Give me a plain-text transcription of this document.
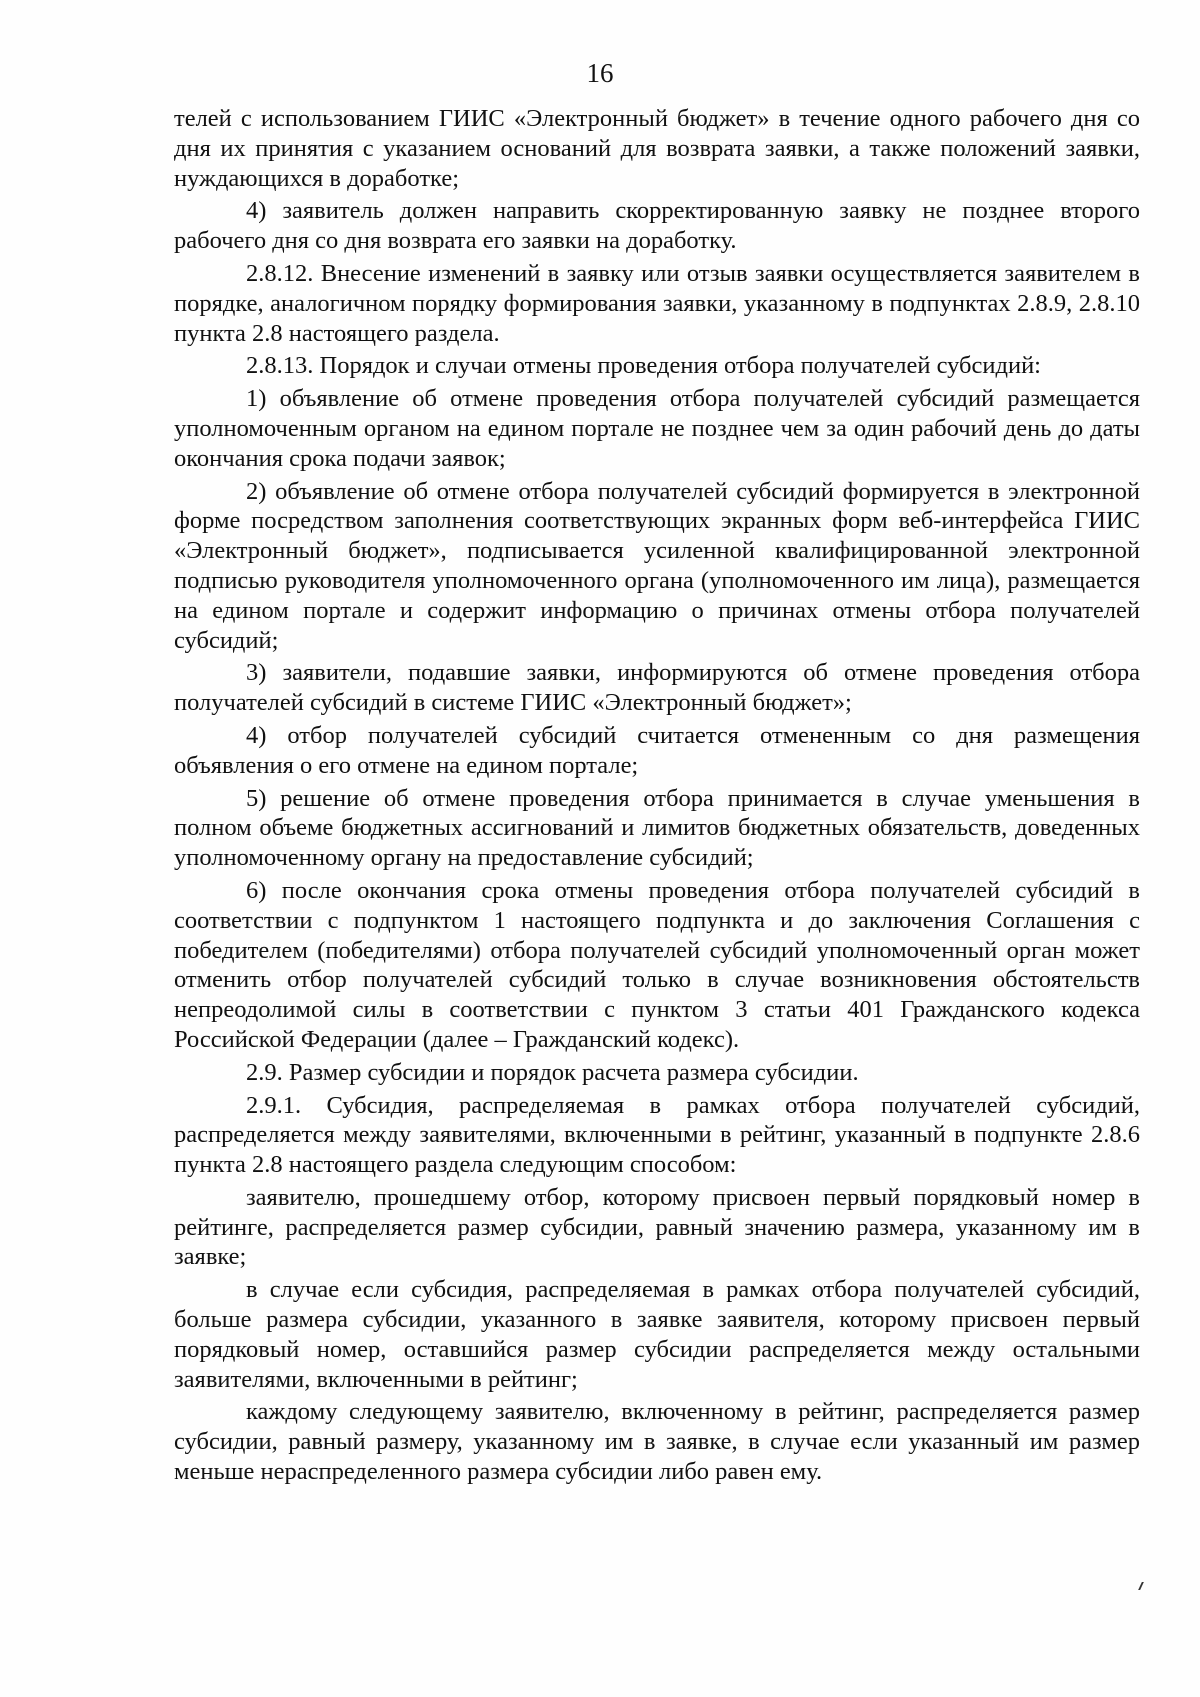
16

телей с использованием ГИИС «Электронный бюджет» в течение одного рабочего дня со дня их принятия с указанием оснований для возврата заявки, а также положений заявки, нуждающихся в доработке;

4) заявитель должен направить скорректированную заявку не позднее второго рабочего дня со дня возврата его заявки на доработку.

2.8.12. Внесение изменений в заявку или отзыв заявки осуществляется заявителем в порядке, аналогичном порядку формирования заявки, указанному в подпунктах 2.8.9, 2.8.10 пункта 2.8 настоящего раздела.

2.8.13. Порядок и случаи отмены проведения отбора получателей субсидий:

1) объявление об отмене проведения отбора получателей субсидий размещается уполномоченным органом на едином портале не позднее чем за один рабочий день до даты окончания срока подачи заявок;

2) объявление об отмене отбора получателей субсидий формируется в электронной форме посредством заполнения соответствующих экранных форм веб-интерфейса ГИИС «Электронный бюджет», подписывается усиленной квалифицированной электронной подписью руководителя уполномоченного органа (уполномоченного им лица), размещается на едином портале и содержит информацию о причинах отмены отбора получателей субсидий;

3) заявители, подавшие заявки, информируются об отмене проведения отбора получателей субсидий в системе ГИИС «Электронный бюджет»;

4) отбор получателей субсидий считается отмененным со дня размещения объявления о его отмене на едином портале;

5) решение об отмене проведения отбора принимается в случае уменьшения в полном объеме бюджетных ассигнований и лимитов бюджетных обязательств, доведенных уполномоченному органу на предоставление субсидий;

6) после окончания срока отмены проведения отбора получателей субсидий в соответствии с подпунктом 1 настоящего подпункта и до заключения Соглашения с победителем (победителями) отбора получателей субсидий уполномоченный орган может отменить отбор получателей субсидий только в случае возникновения обстоятельств непреодолимой силы в соответствии с пунктом 3 статьи 401 Гражданского кодекса Российской Федерации (далее – Гражданский кодекс).

2.9. Размер субсидии и порядок расчета размера субсидии.

2.9.1. Субсидия, распределяемая в рамках отбора получателей субсидий, распределяется между заявителями, включенными в рейтинг, указанный в подпункте 2.8.6 пункта 2.8 настоящего раздела следующим способом:

заявителю, прошедшему отбор, которому присвоен первый порядковый номер в рейтинге, распределяется размер субсидии, равный значению размера, указанному им в заявке;

в случае если субсидия, распределяемая в рамках отбора получателей субсидий, больше размера субсидии, указанного в заявке заявителя, которому присвоен первый порядковый номер, оставшийся размер субсидии распределяется между остальными заявителями, включенными в рейтинг;

каждому следующему заявителю, включенному в рейтинг, распределяется размер субсидии, равный размеру, указанному им в заявке, в случае если указанный им размер меньше нераспределенного размера субсидии либо равен ему.
